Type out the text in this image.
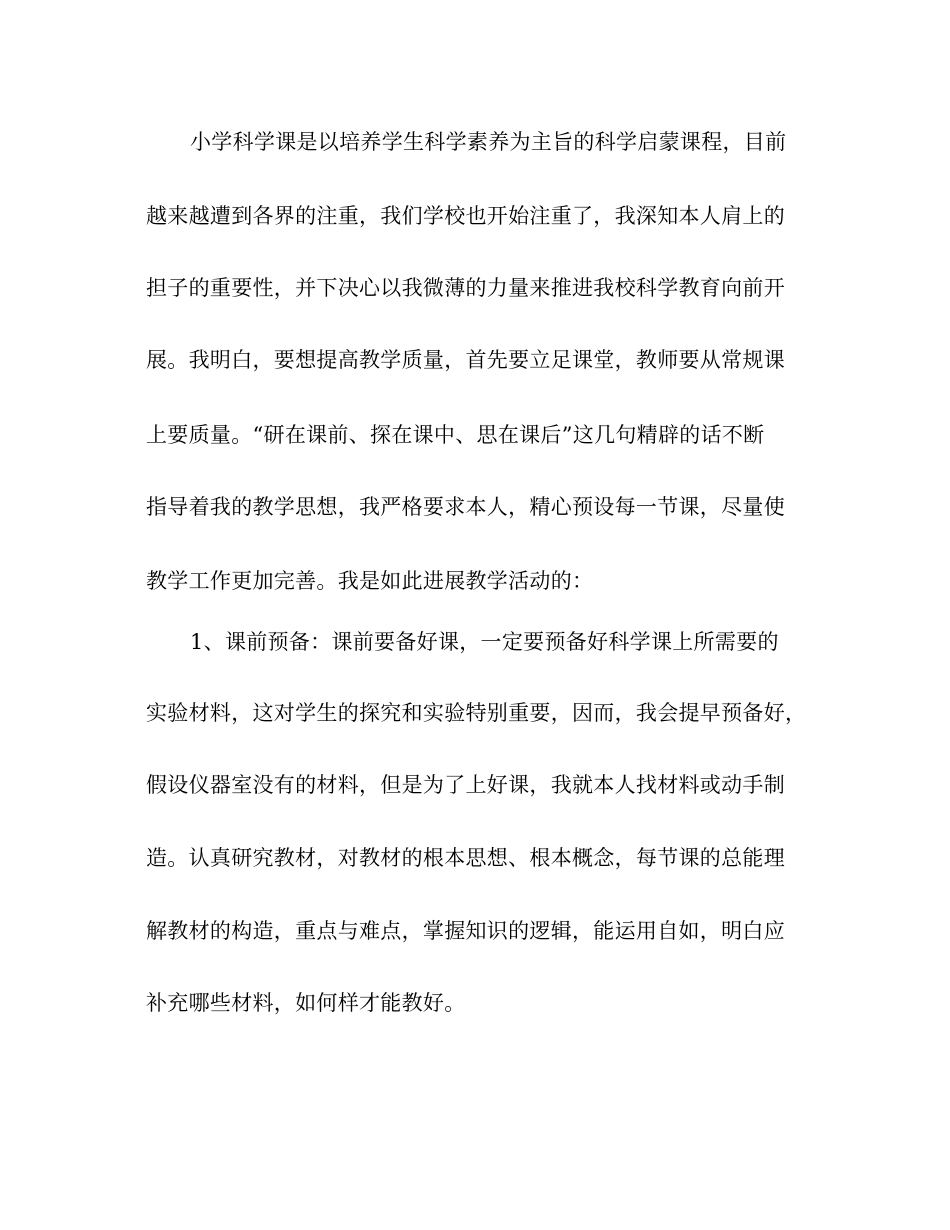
小学科学课是以培养学生科学素养为主旨的科学启蒙课程，目前
越来越遭到各界的注重，我们学校也开始注重了，我深知本人肩上的
担子的重要性，并下决心以我微薄的力量来推进我校科学教育向前开
展。我明白，要想提高教学质量，首先要立足课堂，教师要从常规课
上要质量。“研在课前、探在课中、思在课后”这几句精辟的话不断
指导着我的教学思想，我严格要求本人，精心预设每一节课，尽量使
教学工作更加完善。我是如此进展教学活动的：
1、课前预备：课前要备好课，一定要预备好科学课上所需要的
实验材料，这对学生的探究和实验特别重要，因而，我会提早预备好，
假设仪器室没有的材料，但是为了上好课，我就本人找材料或动手制
造。认真研究教材，对教材的根本思想、根本概念，每节课的总能理
解教材的构造，重点与难点，掌握知识的逻辑，能运用自如，明白应
补充哪些材料，如何样才能教好。
